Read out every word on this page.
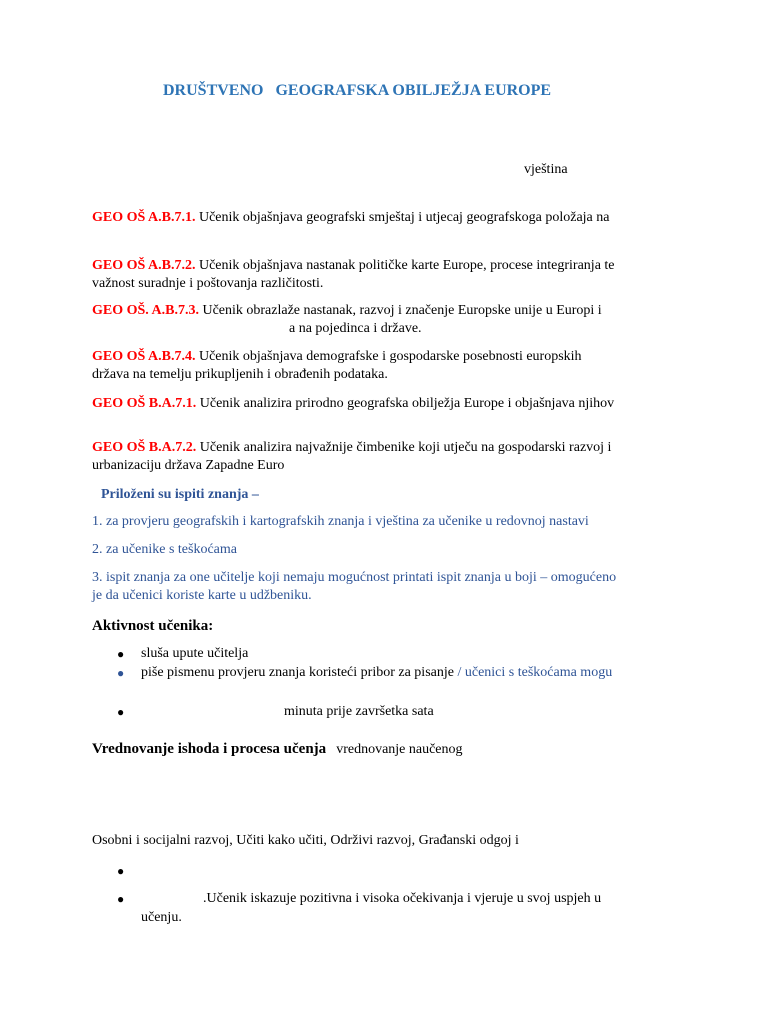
DRUŠTVENO   GEOGRAFSKA OBILJEŽJA EUROPE
vještina
GEO OŠ A.B.7.1. Učenik objašnjava geografski smještaj i utjecaj geografskoga položaja na
GEO OŠ A.B.7.2. Učenik objašnjava nastanak političke karte Europe, procese integriranja te
važnost suradnje i poštovanja različitosti.
GEO OŠ. A.B.7.3. Učenik obrazlaže nastanak, razvoj i značenje Europske unije u Europi i
a na pojedinca i države.
GEO OŠ A.B.7.4. Učenik objašnjava demografske i gospodarske posebnosti europskih
država na temelju prikupljenih i obrađenih podataka.
GEO OŠ B.A.7.1. Učenik analizira prirodno geografska obilježja Europe i objašnjava njihov
GEO OŠ B.A.7.2. Učenik analizira najvažnije čimbenike koji utječu na gospodarski razvoj i
urbanizaciju država Zapadne Euro
Priloženi su ispiti znanja –
1. za provjeru geografskih i kartografskih znanja i vještina za učenike u redovnoj nastavi
2. za učenike s teškoćama
3. ispit znanja za one učitelje koji nemaju mogućnost printati ispit znanja u boji – omogućeno
je da učenici koriste karte u udžbeniku.
Aktivnost učenika:
● sluša upute učitelja
● piše pismenu provjeru znanja koristeći pribor za pisanje / učenici s teškoćama mogu
●	minuta prije završetka sata
Vrednovanje ishoda i procesa učenja vrednovanje naučenog
Osobni i socijalni razvoj, Učiti kako učiti, Održivi razvoj, Građanski odgoj i
●
●	.Učenik iskazuje pozitivna i visoka očekivanja i vjeruje u svoj uspjeh u
učenju.
